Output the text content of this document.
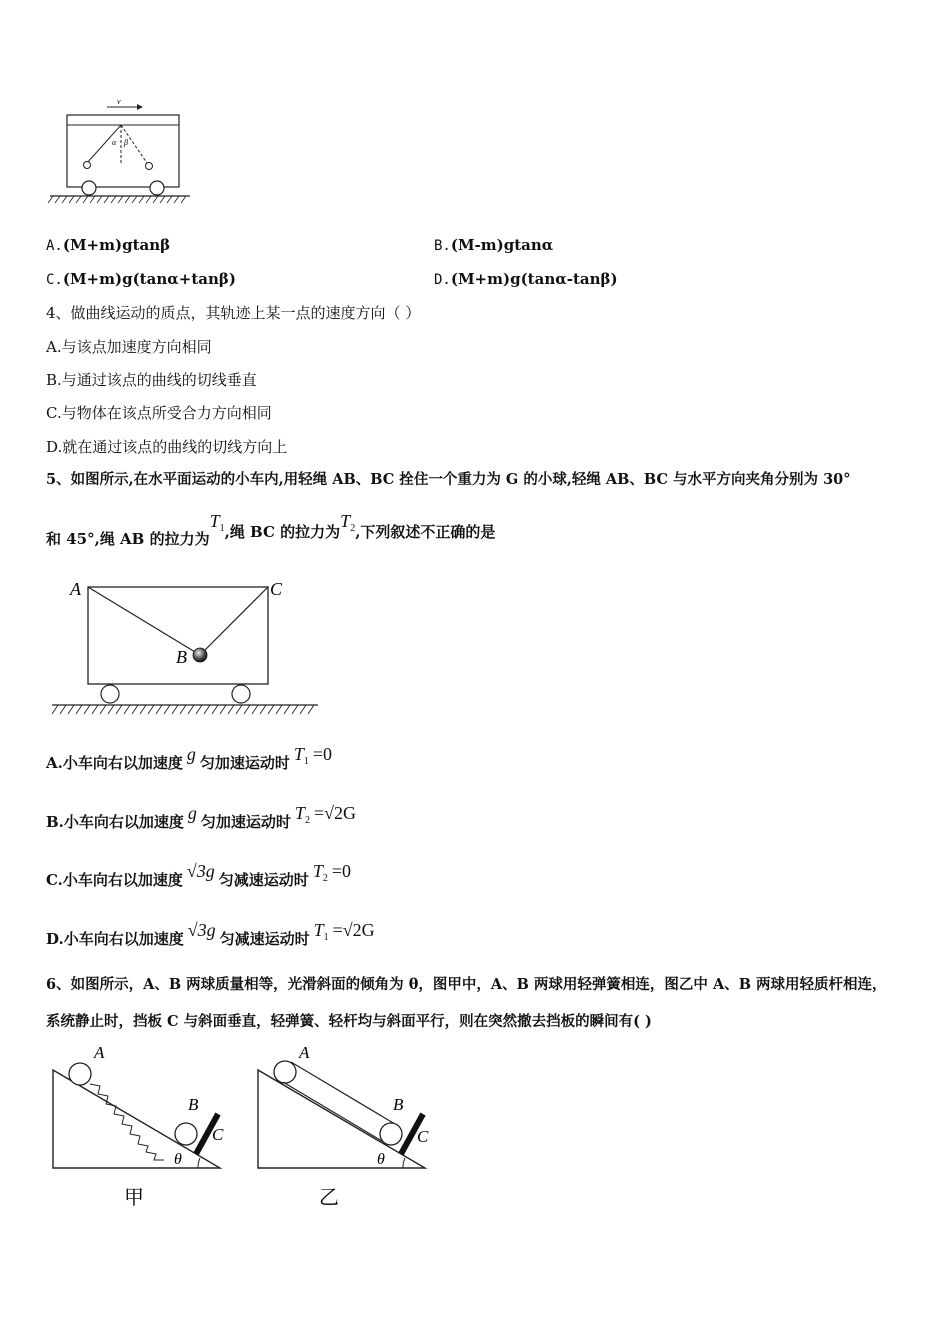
v
α β
A.(M+m)gtanβ	B.(M-m)gtanα
C.(M+m)g(tanα+tanβ)	D.(M+m)g(tanα-tanβ)
4、做曲线运动的质点，其轨迹上某一点的速度方向（ ）
A.与该点加速度方向相同
B.与通过该点的曲线的切线垂直
C.与物体在该点所受合力方向相同
D.就在通过该点的曲线的切线方向上
5、如图所示,在水平面运动的小车内,用轻绳 AB、BC 拴住一个重力为 G 的小球,轻绳 AB、BC 与水平方向夹角分别为 30°
和 45°,绳 AB 的拉力为$T_1$,绳 BC 的拉力为$T_2$,下列叙述不正确的是
A	C
B
A.小车向右以加速度 g 匀加速运动时 $T_1 =0$
B.小车向右以加速度 g 匀加速运动时 $T_2 =√2G$
C.小车向右以加速度 √3g 匀减速运动时 $T_2 =0$
D.小车向右以加速度 √3g 匀减速运动时 $T_1 =√2G$
6、如图所示，A、B 两球质量相等，光滑斜面的倾角为 θ，图甲中，A、B 两球用轻弹簧相连，图乙中 A、B 两球用轻质杆相连，
系统静止时，挡板 C 与斜面垂直，轻弹簧、轻杆均与斜面平行，则在突然撤去挡板的瞬间有( )
A
B
C
θ
甲
A
B
C
θ
乙
